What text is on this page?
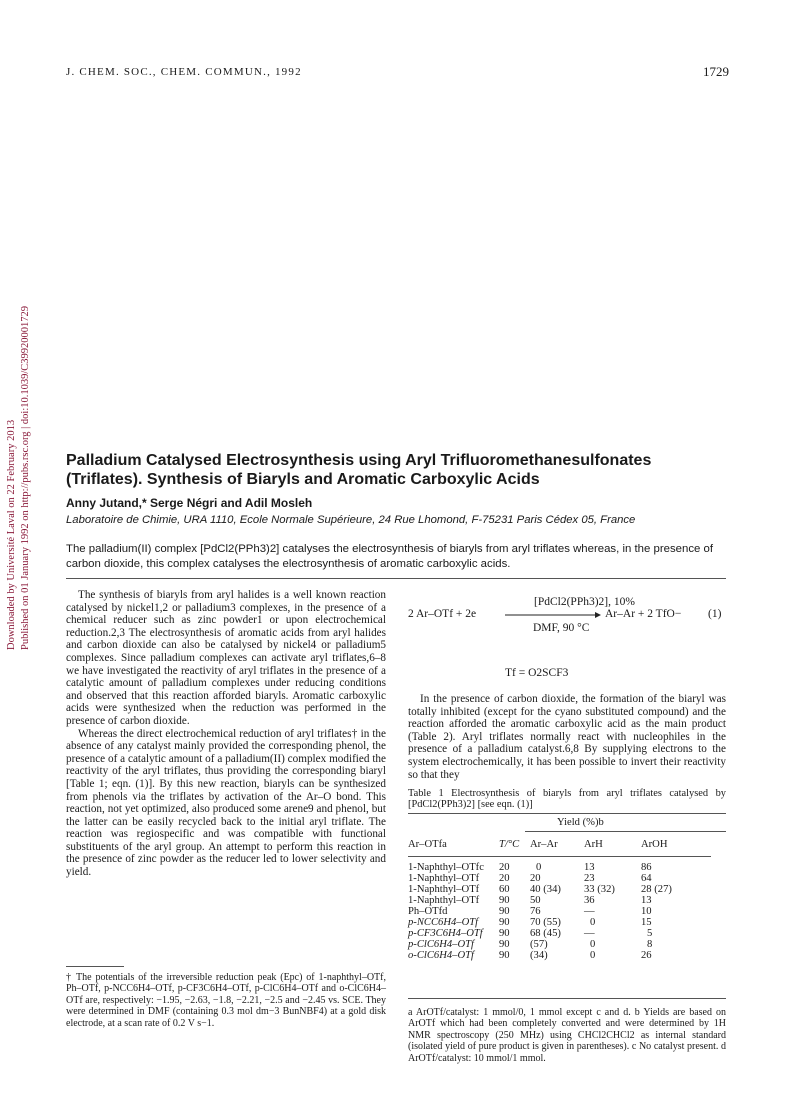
J. CHEM. SOC., CHEM. COMMUN., 1992	1729
Downloaded by Université Laval on 22 February 2013 Published on 01 January 1992 on http://pubs.rsc.org | doi:10.1039/C39920001729 Palladium Catalysed Electrosynthesis using Aryl Trifluoromethanesulfonates (Triflates). Synthesis of Biaryls and Aromatic Carboxylic Acids
Anny Jutand,* Serge Négri and Adil Mosleh
Laboratoire de Chimie, URA 1110, Ecole Normale Supérieure, 24 Rue Lhomond, F-75231 Paris Cédex 05, France
The palladium(II) complex [PdCl2(PPh3)2] catalyses the electrosynthesis of biaryls from aryl triflates whereas, in the presence of carbon dioxide, this complex catalyses the electrosynthesis of aromatic carboxylic acids.

The synthesis of biaryls from aryl halides is a well known reaction catalysed by nickel1,2 or palladium3 complexes, in the presence of a chemical reducer such as zinc powder1 or upon electrochemical reduction.2,3 The electrosynthesis of aromatic acids from aryl halides and carbon dioxide can also be catalysed by nickel4 or palladium5 complexes. Since palladium complexes can activate aryl triflates,6–8 we have investigated the reactivity of aryl triflates in the presence of a catalytic amount of palladium complexes under reducing conditions and observed that this reaction afforded biaryls. Aromatic carboxylic acids were synthesized when the reduction was performed in the presence of carbon dioxide.

Whereas the direct electrochemical reduction of aryl triflates† in the absence of any catalyst mainly provided the corresponding phenol, the presence of a catalytic amount of a palladium(II) complex modified the reactivity of the aryl triflates, thus providing the corresponding biaryl [Table 1; eqn. (1)]. By this new reaction, biaryls can be synthesized from phenols via the triflates by activation of the Ar–O bond. This reaction, not yet optimized, also produced some arene9 and phenol, but the latter can be easily recycled back to the initial aryl triflate. The reaction was regiospecific and was compatible with functional substituents of the aryl group. An attempt to perform this reaction in the presence of zinc powder as the reducer led to lower selectivity and yield.

† The potentials of the irreversible reduction peak (Epc) of 1-naphthyl–OTf, Ph–OTf, p-NCC6H4–OTf, p-CF3C6H4–OTf, p-ClC6H4–OTf and o-ClC6H4–OTf are, respectively: −1.95, −2.63, −1.8, −2.21, −2.5 and −2.45 vs. SCE. They were determined in DMF (containing 0.3 mol dm−3 BunNBF4) at a gold disk electrode, at a scan rate of 0.2 V s−1.
2 Ar–OTf + 2e
[PdCl2(PPh3)2], 10%
DMF, 90 °C
Ar–Ar + 2 TfO− (1)
Tf = O2SCF3

In the presence of carbon dioxide, the formation of the biaryl was totally inhibited (except for the cyano substituted compound) and the reaction afforded the aromatic carboxylic acid as the main product (Table 2). Aryl triflates normally react with nucleophiles in the presence of a palladium catalyst.6,8 By supplying electrons to the system electrochemically, it has been possible to invert their reactivity so that they

Table 1 Electrosynthesis of biaryls from aryl triflates catalysed by [PdCl2(PPh3)2] [see eqn. (1)]
Yield (%)b
Ar–OTfa	T/°C	Ar–Ar	ArH	ArOH

1-Naphthyl–OTfc	20	0	13	86
1-Naphthyl–OTf	20	20	23	64
1-Naphthyl–OTf	60	40 (34)	33 (32)	28 (27)
1-Naphthyl–OTf	90	50	36	13
Ph–OTfd	90	76	—	10
p-NCC6H4–OTf	90	70 (55)	0	15
p-CF3C6H4–OTf	90	68 (45)	—	5
p-ClC6H4–OTf	90	(57)	0	8
o-ClC6H4–OTf	90	(34)	0	26
a ArOTf/catalyst: 1 mmol/0, 1 mmol except c and d. b Yields are based on ArOTf which had been completely converted and were determined by 1H NMR spectroscopy (250 MHz) using CHCl2CHCl2 as internal standard (isolated yield of pure product is given in parentheses). c No catalyst present. d ArOTf/catalyst: 10 mmol/1 mmol.
